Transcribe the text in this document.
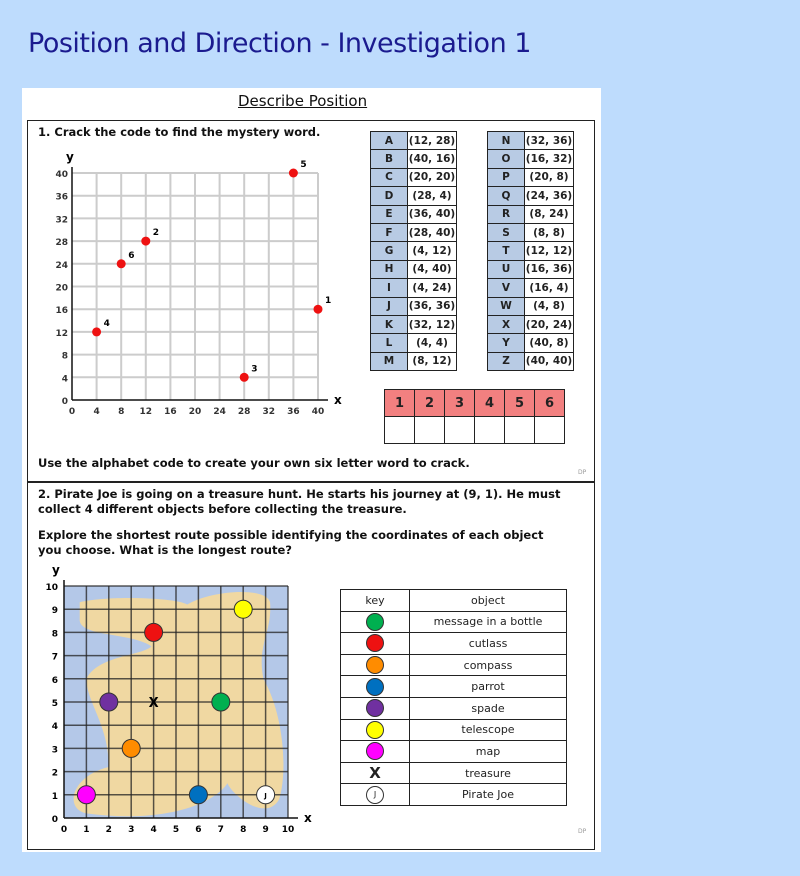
Position and Direction - Investigation 1
Describe Position
1. Crack the code to find the mystery word.
Use the alphabet code to create your own six letter word to crack.
DP
0
0
4
4
8
8
12
12
16
16
20
20
24
24
28
28
32
32
36
36
40
40
x
y
1
2
3
4
5
6
0
0
1
1
2
2
3
3
4
4
5
5
6
6
7
7
8
8
9
9
10
10
x
y
X
J
A	(12, 28)
B	(40, 16)
C	(20, 20)
D	(28, 4)
E	(36, 40)
F	(28, 40)
G	(4, 12)
H	(4, 40)
I	(4, 24)
J	(36, 36)
K	(32, 12)
L	(4, 4)
M	(8, 12)
N	(32, 36)
O	(16, 32)
P	(20, 8)
Q	(24, 36)
R	(8, 24)
S	(8, 8)
T	(12, 12)
U	(16, 36)
V	(16, 4)
W	(4, 8)
X	(20, 24)
Y	(40, 8)
Z	(40, 40)
1	2	3	4	5	6

2. Pirate Joe is going on a treasure hunt. He starts his journey at (9, 1). He must collect 4 different objects before collecting the treasure.
Explore the shortest route possible identifying the coordinates of each object you choose. What is the longest route?
DP
key	object
	message in a bottle
	cutlass
	compass
	parrot
	spade
	telescope
	map
X	treasure
J	Pirate Joe
